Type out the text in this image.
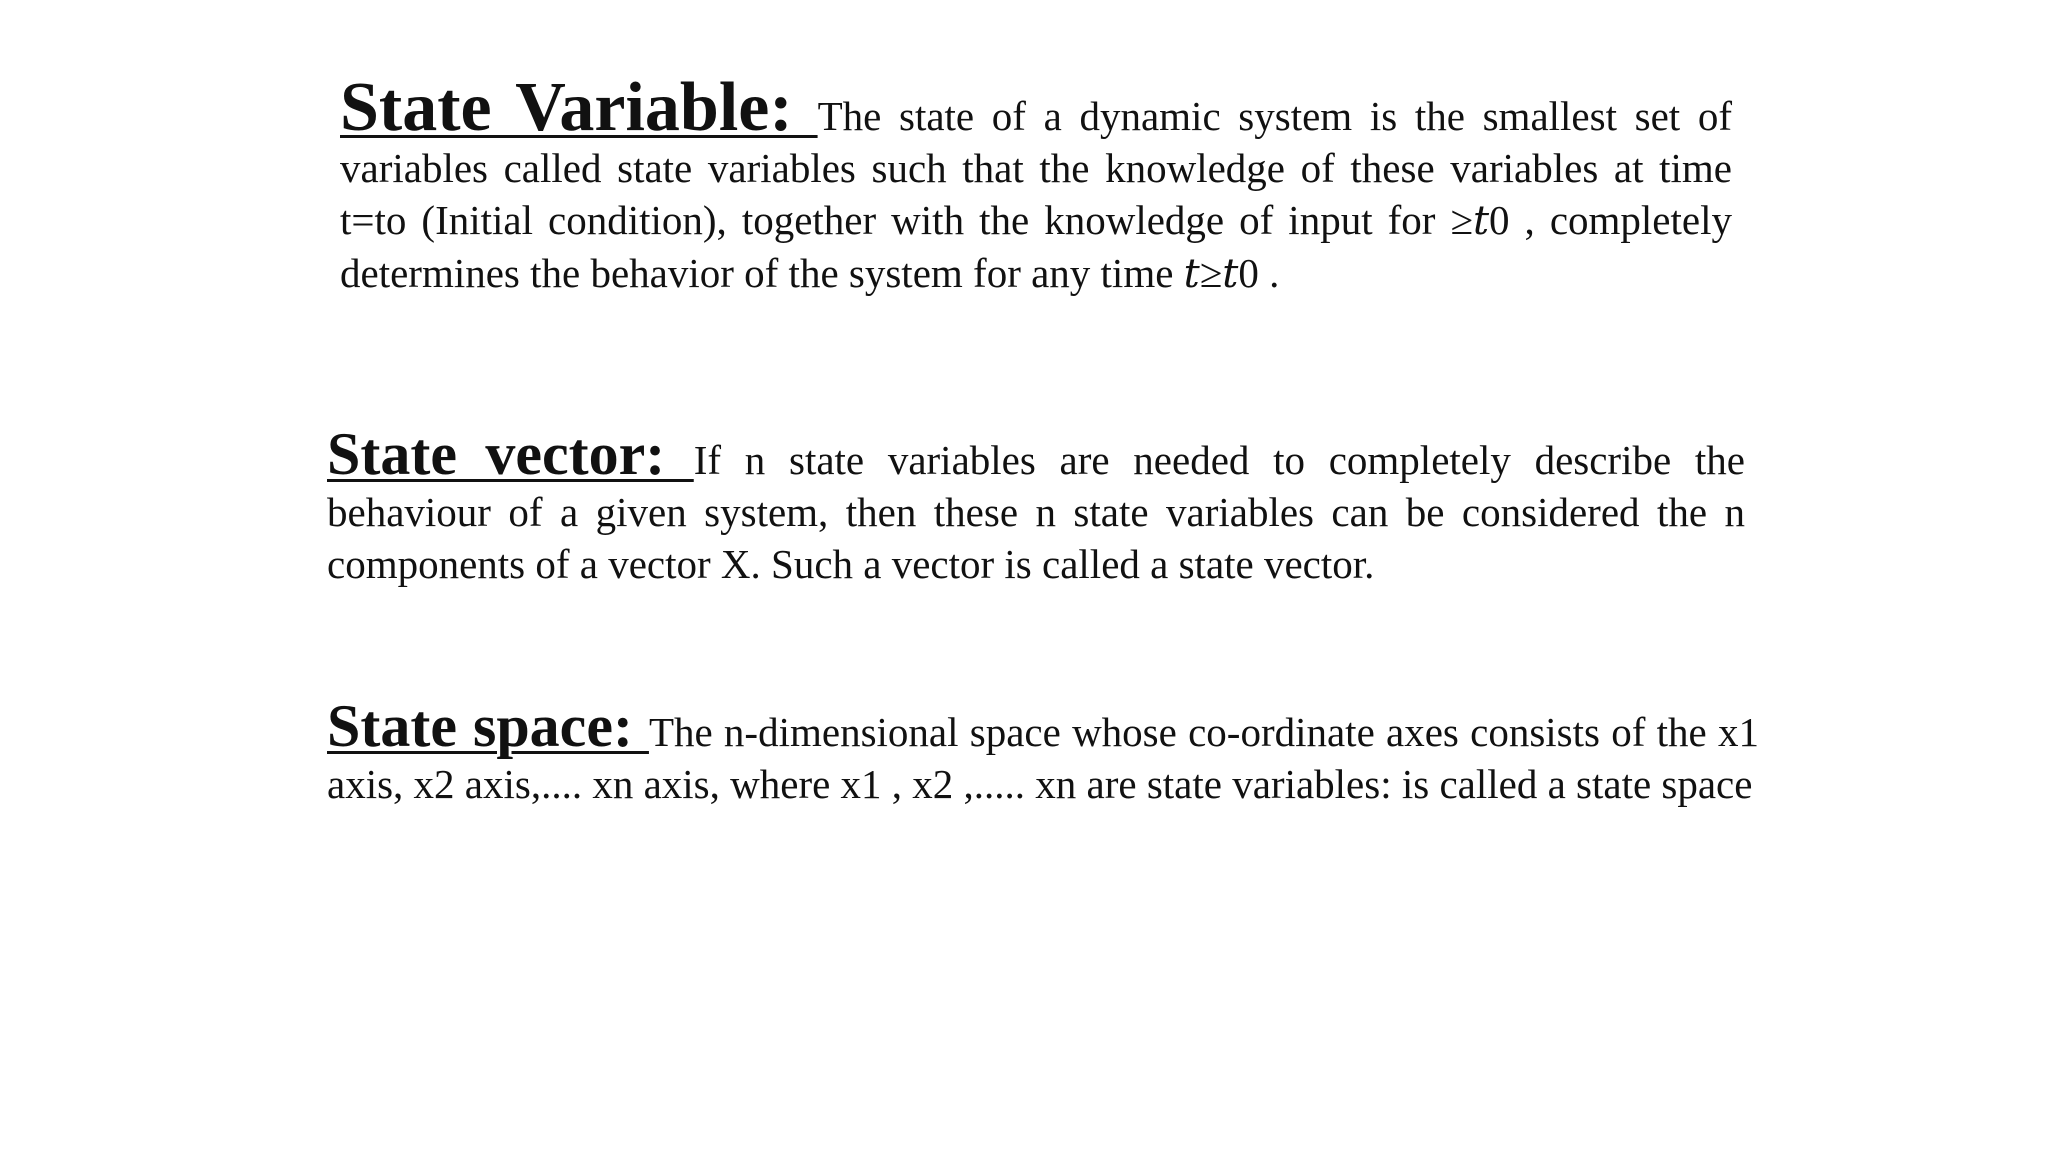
State Variable: The state of a dynamic system is the smallest set of variables called state variables such that the knowledge of these variables at time t=to (Initial condition), together with the knowledge of input for ≥t0 , completely determines the behavior of the system for any time t≥t0 .
State vector: If n state variables are needed to completely describe the behaviour of a given system, then these n state variables can be considered the n components of a vector X. Such a vector is called a state vector.
State space: The n-dimensional space whose co-ordinate axes consists of the x1 axis, x2 axis,.... xn axis, where x1 , x2 ,..... xn are state variables: is called a state space
